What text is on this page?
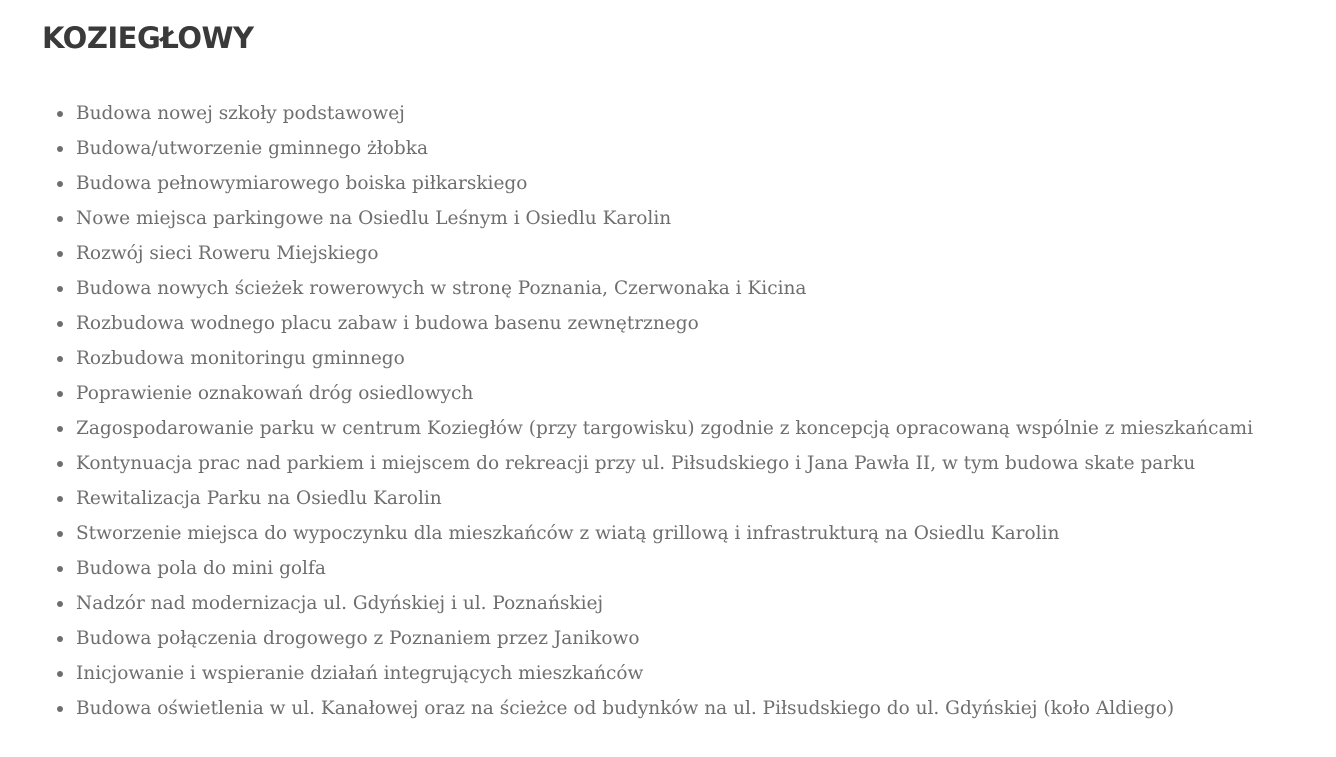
KOZIEGŁOWY
Budowa nowej szkoły podstawowej
Budowa/utworzenie gminnego żłobka
Budowa pełnowymiarowego boiska piłkarskiego
Nowe miejsca parkingowe na Osiedlu Leśnym i Osiedlu Karolin
Rozwój sieci Roweru Miejskiego
Budowa nowych ścieżek rowerowych w stronę Poznania, Czerwonaka i Kicina
Rozbudowa wodnego placu zabaw i budowa basenu zewnętrznego
Rozbudowa monitoringu gminnego
Poprawienie oznakowań dróg osiedlowych
Zagospodarowanie parku w centrum Koziegłów (przy targowisku) zgodnie z koncepcją opracowaną wspólnie z mieszkańcami
Kontynuacja prac nad parkiem i miejscem do rekreacji przy ul. Piłsudskiego i Jana Pawła II, w tym budowa skate parku
Rewitalizacja Parku na Osiedlu Karolin
Stworzenie miejsca do wypoczynku dla mieszkańców z wiatą grillową i infrastrukturą na Osiedlu Karolin
Budowa pola do mini golfa
Nadzór nad modernizacja ul. Gdyńskiej i ul. Poznańskiej
Budowa połączenia drogowego z Poznaniem przez Janikowo
Inicjowanie i wspieranie działań integrujących mieszkańców
Budowa oświetlenia w ul. Kanałowej oraz na ścieżce od budynków na ul. Piłsudskiego do ul. Gdyńskiej (koło Aldiego)
